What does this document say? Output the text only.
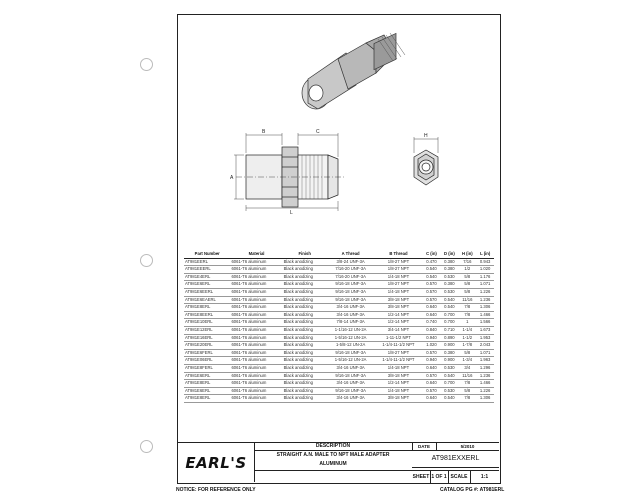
B	C
A
L
H
Part Number	Material	Finish	A Thread	B Thread	C (in)	D (in)	H (in)	L (in)
AT981EERL	6061-T6 aluminum	Black anodizing	3/8-24 UNF-3A	1/8-27 NPT	0.470	0.380	7/16	0.943
AT981EEERL	6061-T6 aluminum	Black anodizing	7/16-20 UNF-3A	1/8-27 NPT	0.540	0.380	1/2	1.020
AT981E4ERL	6061-T6 aluminum	Black anodizing	7/16-20 UNF-3A	1/4-18 NPT	0.540	0.530	5/8	1.176
AT981E6ERL	6061-T6 aluminum	Black anodizing	9/16-18 UNF-3A	1/8-27 NPT	0.570	0.380	5/8	1.071
AT981E6EERL	6061-T6 aluminum	Black anodizing	9/16-18 UNF-3A	1/4-18 NPT	0.570	0.530	5/8	1.226
AT981E6EAERL	6061-T6 aluminum	Black anodizing	9/16-18 UNF-3A	3/8-18 NPT	0.570	0.540	11/16	1.236
AT981E8ERL	6061-T6 aluminum	Black anodizing	3/4-16 UNF-3A	3/8-18 NPT	0.640	0.540	7/8	1.306
AT981E8EERL	6061-T6 aluminum	Black anodizing	3/4-16 UNF-3A	1/2-14 NPT	0.640	0.700	7/8	1.466
AT981E10ERL	6061-T6 aluminum	Black anodizing	7/8-14 UNF-3A	1/2-14 NPT	0.740	0.700	1	1.566
AT981E12ERL	6061-T6 aluminum	Black anodizing	1-1/16-12 UN-2A	3/4-14 NPT	0.840	0.710	1-1/4	1.673
AT981E16ERL	6061-T6 aluminum	Black anodizing	1-5/16-12 UN-2A	1-11-1/2 NPT	0.940	0.890	1-1/2	1.953
AT981E20ERL	6061-T6 aluminum	Black anodizing	1-5/8-12 UN-2A	1-1/4-11-1/2 NPT	1.020	0.900	1-7/8	2.043
AT981E6FERL	6061-T6 aluminum	Black anodizing	9/16-18 UNF-3A	1/8-27 NPT	0.570	0.380	5/8	1.071
AT981E06ERL	6061-T6 aluminum	Black anodizing	1-5/16-12 UN-2A	1-1/4-11-1/2 NPT	0.940	0.900	1-3/4	1.963
AT981E8FERL	6061-T6 aluminum	Black anodizing	3/4-16 UNF-3A	1/4-18 NPT	0.640	0.530	3/4	1.296
AT981E6ERL	6061-T6 aluminum	Black anodizing	9/16-18 UNF-3A	3/8-18 NPT	0.570	0.540	11/16	1.236
AT981E8ERL	6061-T6 aluminum	Black anodizing	3/4-16 UNF-3A	1/2-14 NPT	0.640	0.700	7/8	1.466
AT981E6ERL	6061-T6 aluminum	Black anodizing	9/16-18 UNF-3A	1/4-18 NPT	0.570	0.530	5/8	1.226
AT981E8ERL	6061-T6 aluminum	Black anodizing	3/4-16 UNF-3A	3/8-18 NPT	0.640	0.540	7/8	1.306
EARL'S
DESCRIPTION
STRAIGHT A.N. MALE TO NPT MALE ADAPTER
ALUMINUM
DATE	5/2010
AT981EXXERL
SHEET 1 OF 1 SCALE	1:1
NOTICE: FOR REFERENCE ONLY	CATALOG PG #: AT981ERL
